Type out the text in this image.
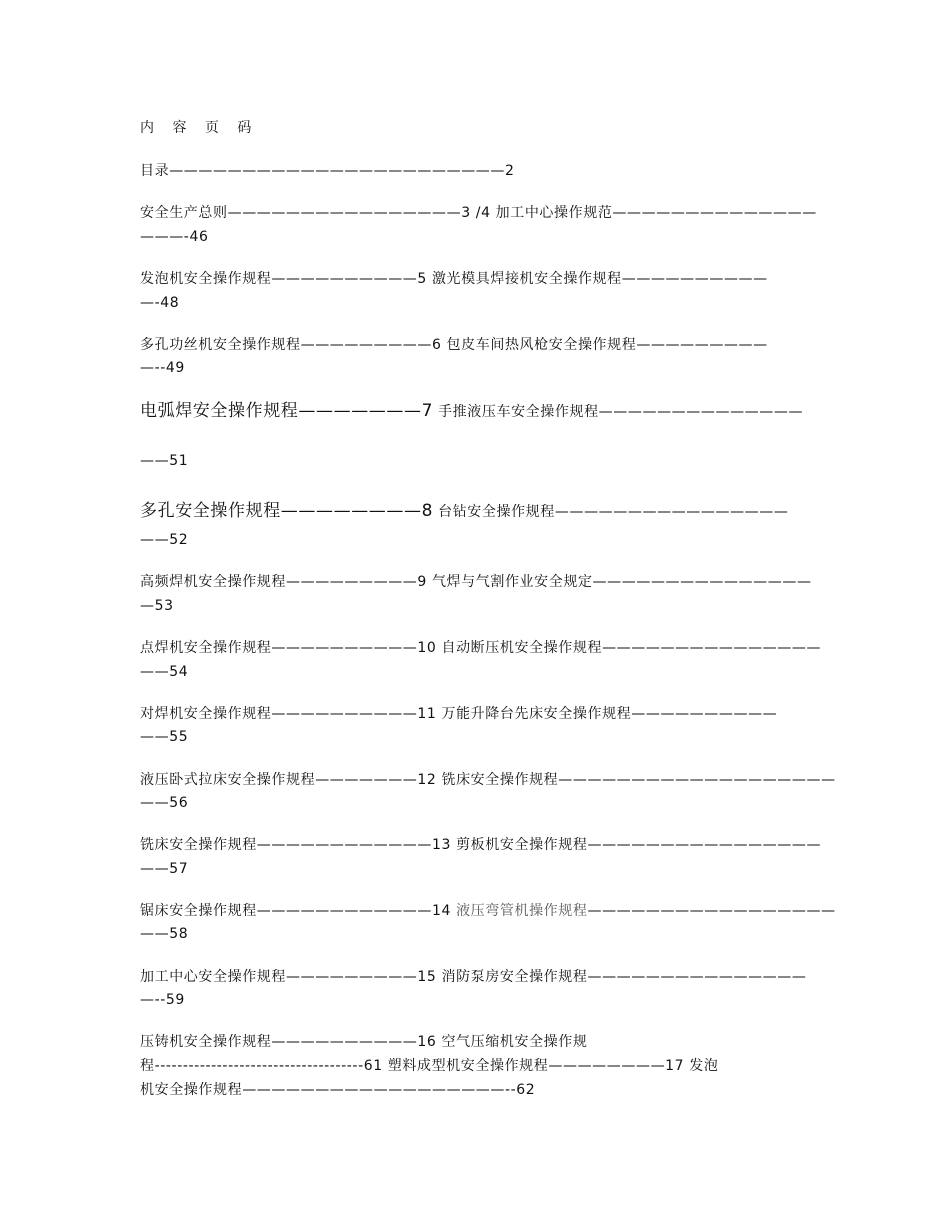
内 容 页 码
目录———————————————————————2
安全生产总则————————————————3 /4 加工中心操作规范——————————————
———-46
发泡机安全操作规程——————————5 激光模具焊接机安全操作规程——————————
—-48
多孔功丝机安全操作规程—————————6 包皮车间热风枪安全操作规程—————————
—--49
电弧焊安全操作规程———————7 手推液压车安全操作规程——————————————
——51
多孔安全操作规程————————8 台钻安全操作规程————————————————
——52
高频焊机安全操作规程—————————9 气焊与气割作业安全规定———————————————
—53
点焊机安全操作规程——————————10 自动断压机安全操作规程———————————————
——54
对焊机安全操作规程——————————11 万能升降台先床安全操作规程——————————
——55
液压卧式拉床安全操作规程———————12 铣床安全操作规程———————————————————
——56
铣床安全操作规程————————————13 剪板机安全操作规程————————————————
——57
锯床安全操作规程————————————14 液压弯管机操作规程—————————————————
——58
加工中心安全操作规程—————————15 消防泵房安全操作规程———————————————
—--59
压铸机安全操作规程——————————16 空气压缩机安全操作规
程-------------------------------------61 塑料成型机安全操作规程————————17 发泡
机安全操作规程——————————————————--62
